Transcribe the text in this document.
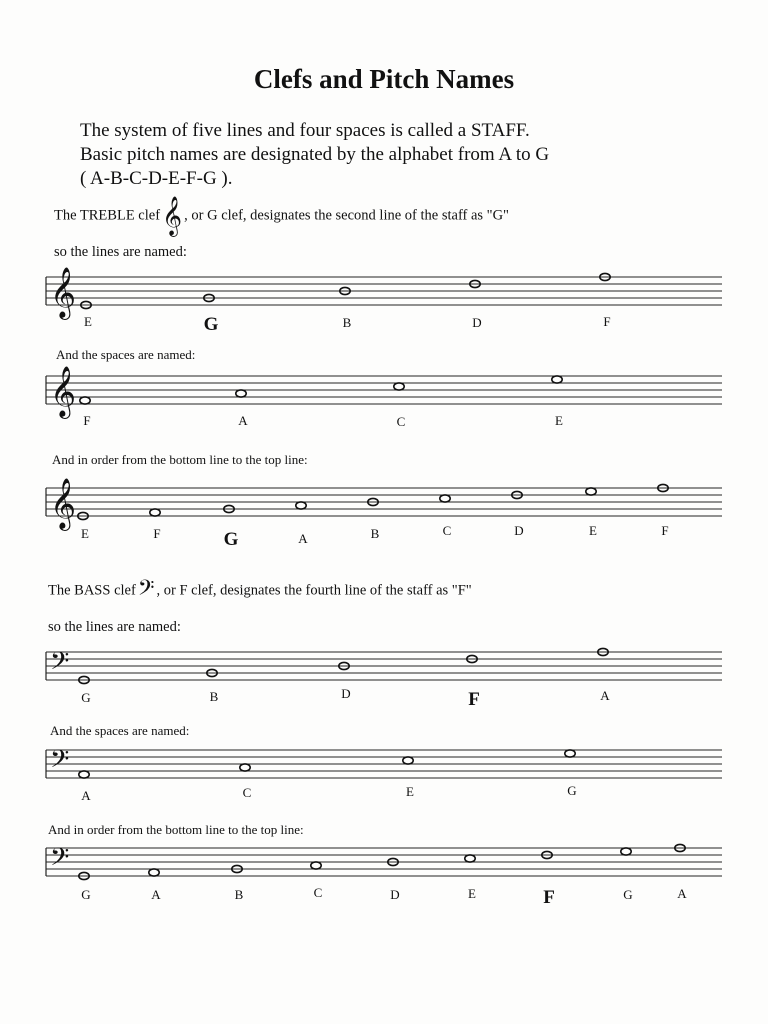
Clefs and Pitch Names
The system of five lines and four spaces is called a STAFF.
Basic pitch names are designated by the alphabet from A to G
( A-B-C-D-E-F-G ).
The TREBLE clef𝄞 , or G clef, designates the second line of the staff as "G"
so the lines are named:
𝄞
E	G	B	D	F
𝄞
F	A	C	E
𝄞
E	F	G	A	B	C	D	E	F
𝄢
G	B	D	F	A
𝄢
A	C	E	G
𝄢
G	A	B	C	D	E	F	G	A
And the spaces are named:
And in order from the bottom line to the top line:
The BASS clef𝄢 , or F clef, designates the fourth line of the staff as "F"
so the lines are named:
And the spaces are named:
And in order from the bottom line to the top line:
